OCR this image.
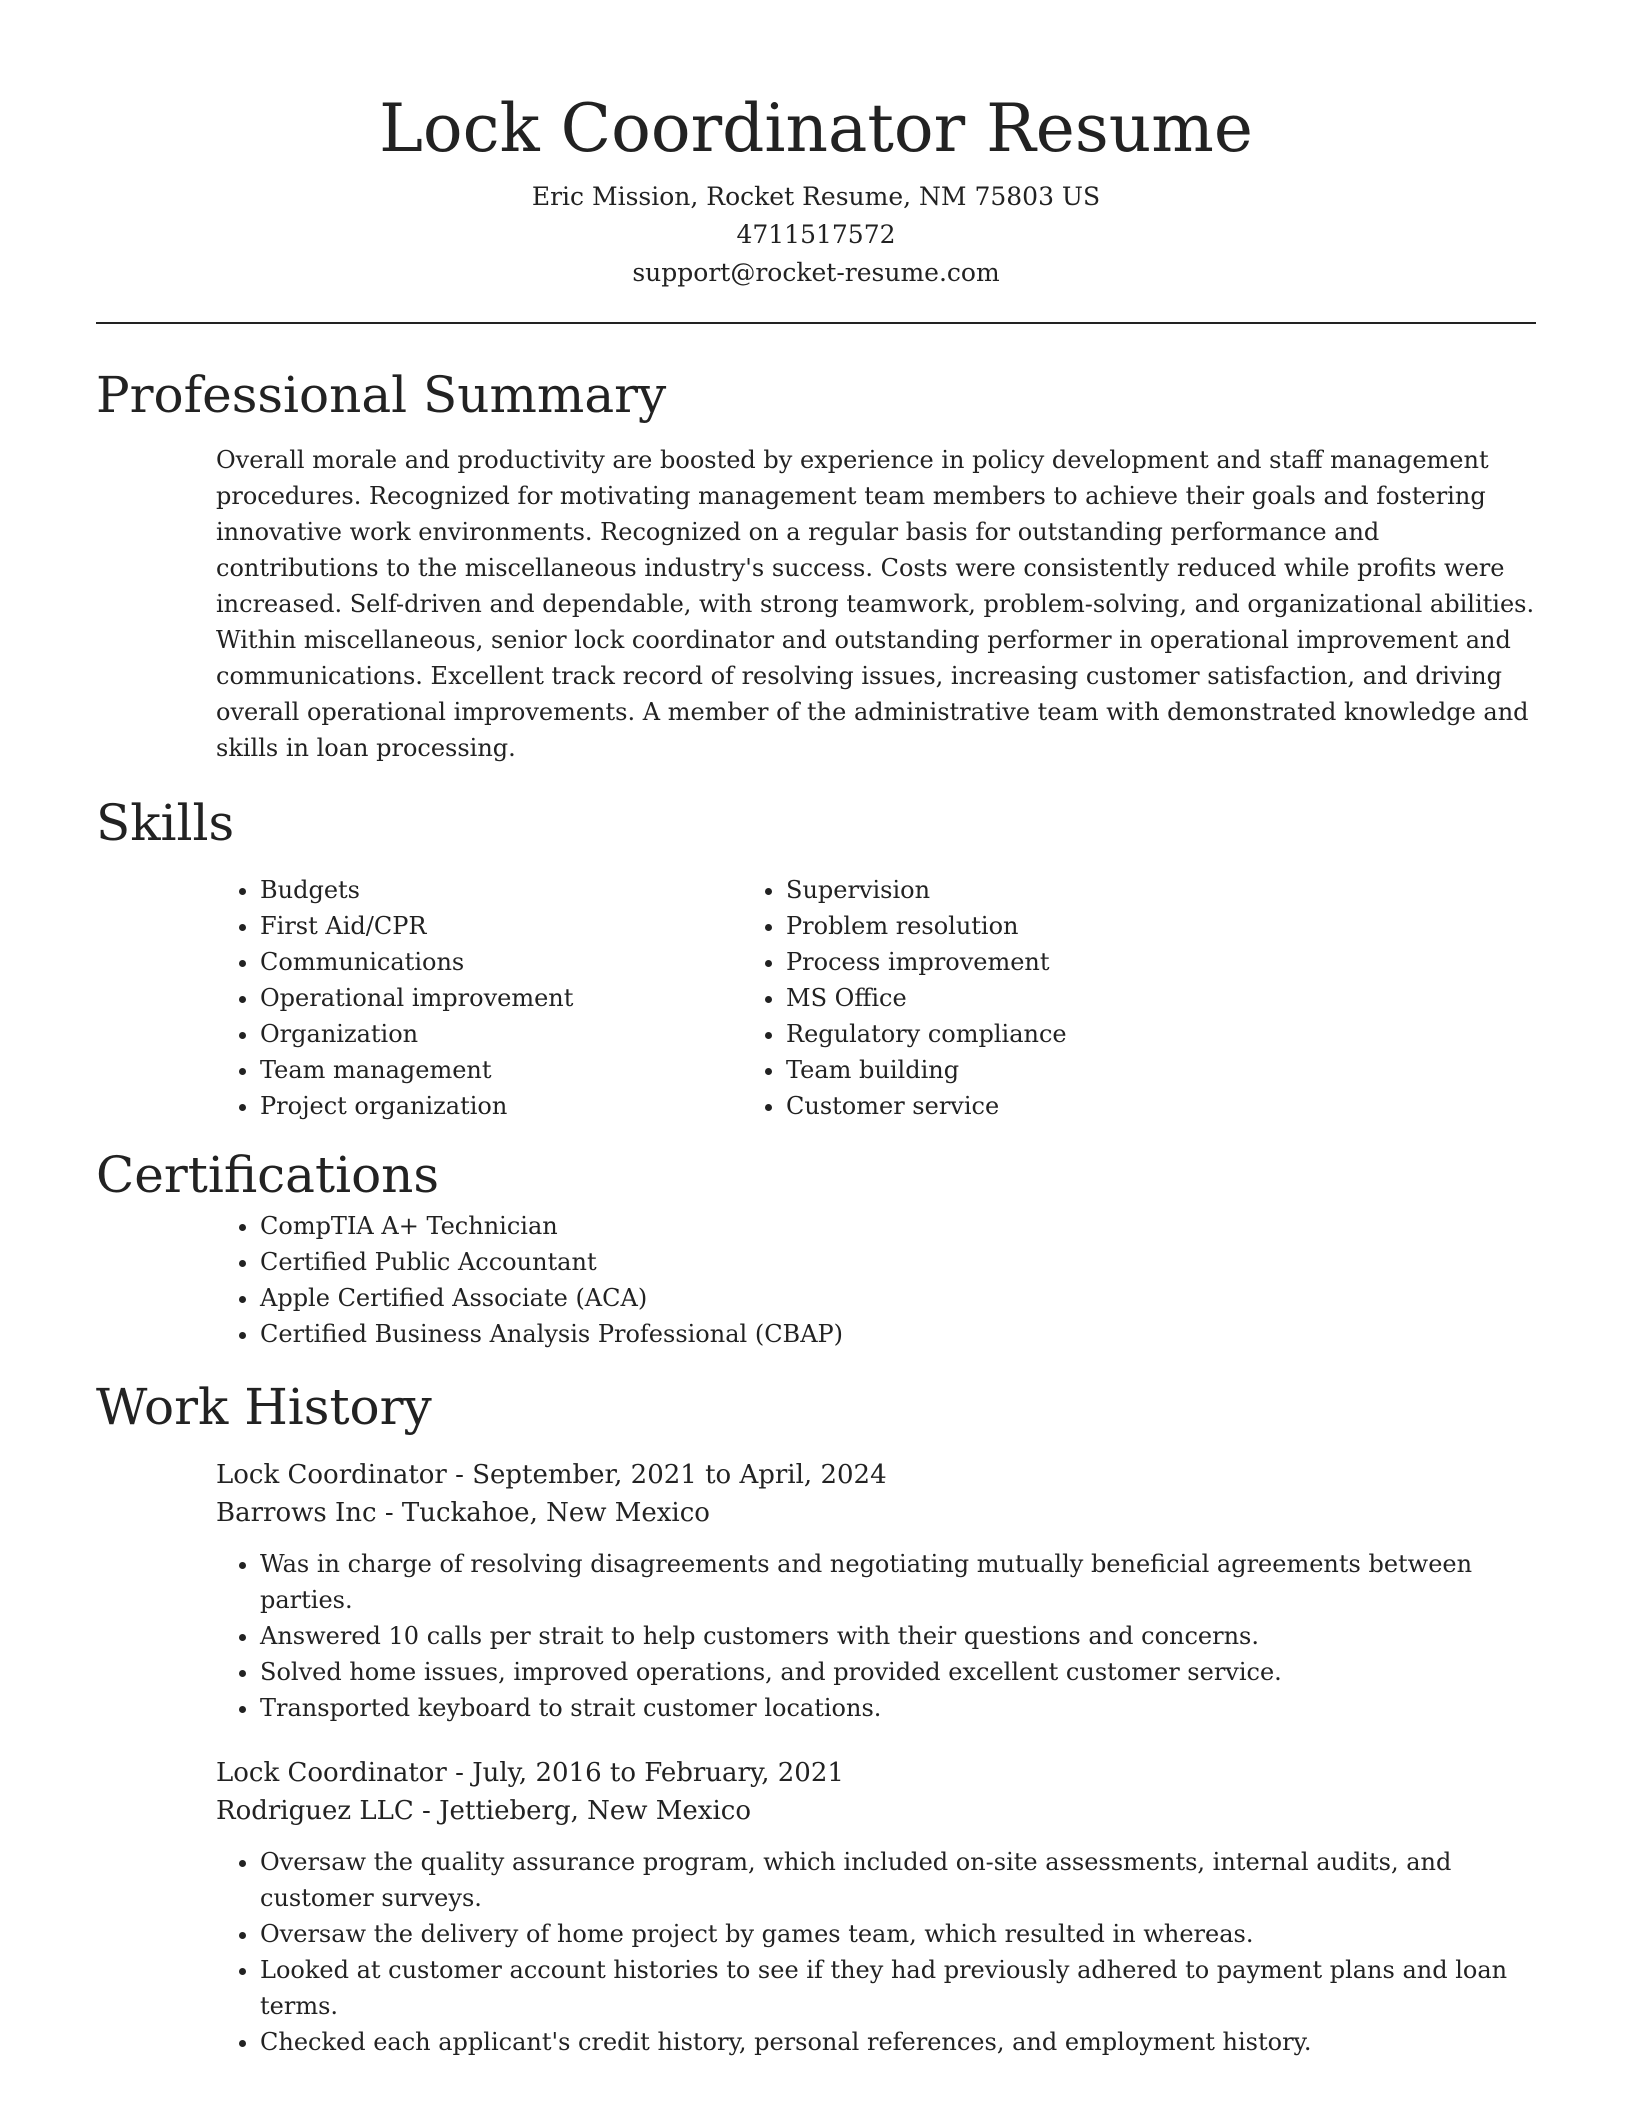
Lock Coordinator Resume
Eric Mission, Rocket Resume, NM 75803 US
4711517572
support@rocket-resume.com
Professional Summary

Overall morale and productivity are boosted by experience in policy development and staff management procedures. Recognized for motivating management team members to achieve their goals and fostering innovative work environments. Recognized on a regular basis for outstanding performance and contributions to the miscellaneous industry's success. Costs were consistently reduced while profits were increased. Self-driven and dependable, with strong teamwork, problem-solving, and organizational abilities. Within miscellaneous, senior lock coordinator and outstanding performer in operational improvement and communications. Excellent track record of resolving issues, increasing customer satisfaction, and driving overall operational improvements. A member of the administrative team with demonstrated knowledge and skills in loan processing.

Skills
• Budgets
• First Aid/CPR
• Communications
• Operational improvement
• Organization
• Team management
• Project organization
• Supervision
• Problem resolution
• Process improvement
• MS Office
• Regulatory compliance
• Team building
• Customer service
Certifications
• CompTIA A+ Technician
• Certified Public Accountant
• Apple Certified Associate (ACA)
• Certified Business Analysis Professional (CBAP)
Work History
Lock Coordinator - September, 2021 to April, 2024
Barrows Inc - Tuckahoe, New Mexico
• Was in charge of resolving disagreements and negotiating mutually beneficial agreements between parties.
• Answered 10 calls per strait to help customers with their questions and concerns.
• Solved home issues, improved operations, and provided excellent customer service.
• Transported keyboard to strait customer locations.
Lock Coordinator - July, 2016 to February, 2021
Rodriguez LLC - Jettieberg, New Mexico
• Oversaw the quality assurance program, which included on-site assessments, internal audits, and customer surveys.
• Oversaw the delivery of home project by games team, which resulted in whereas.
• Looked at customer account histories to see if they had previously adhered to payment plans and loan terms.
• Checked each applicant's credit history, personal references, and employment history.
